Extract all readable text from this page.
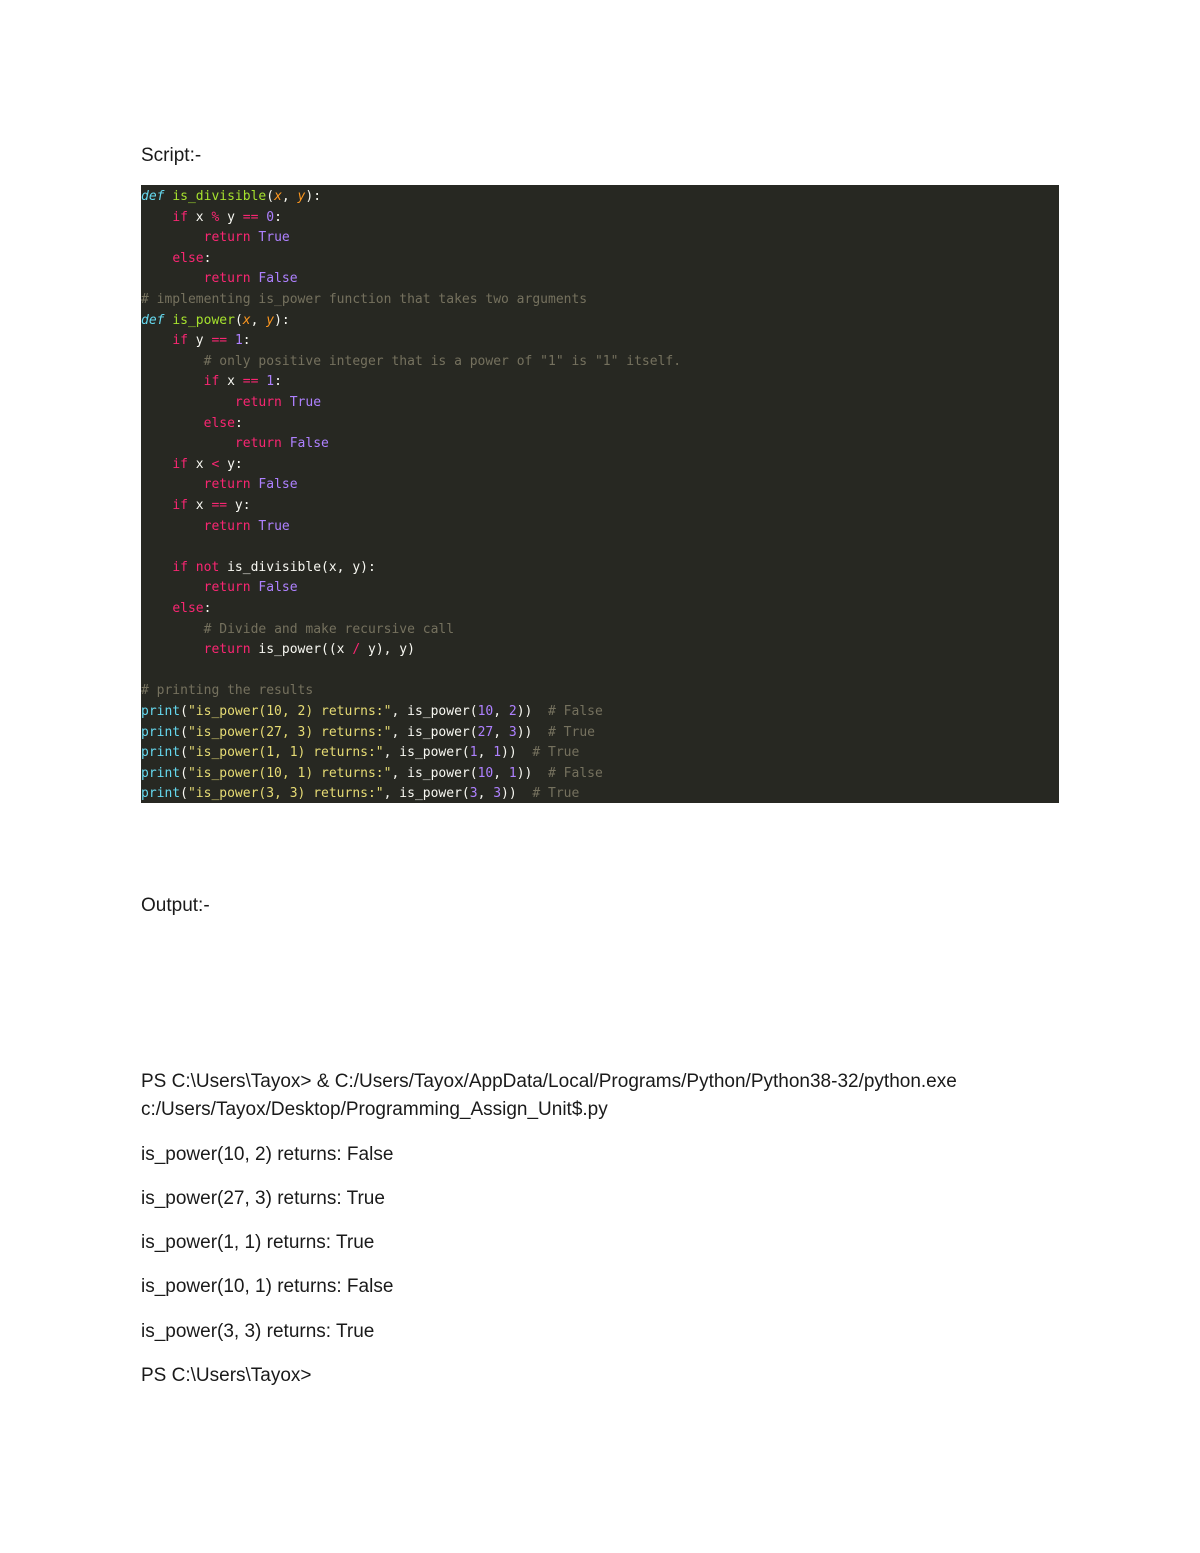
Script:-
def is_divisible(x, y):
if x % y == 0:
return True
else:
return False
# implementing is_power function that takes two arguments
def is_power(x, y):
if y == 1:
# only positive integer that is a power of "1" is "1" itself.
if x == 1:
return True
else:
return False
if x < y:
return False
if x == y:
return True
if not is_divisible(x, y):
return False
else:
# Divide and make recursive call
return is_power((x / y), y)
# printing the results
print("is_power(10, 2) returns:", is_power(10, 2))  # False
print("is_power(27, 3) returns:", is_power(27, 3))  # True
print("is_power(1, 1) returns:", is_power(1, 1))  # True
print("is_power(10, 1) returns:", is_power(10, 1))  # False
print("is_power(3, 3) returns:", is_power(3, 3))  # True
Output:-
PS C:\Users\Tayox> & C:/Users/Tayox/AppData/Local/Programs/Python/Python38-32/python.exe
c:/Users/Tayox/Desktop/Programming_Assign_Unit$.py
is_power(10, 2) returns: False
is_power(27, 3) returns: True
is_power(1, 1) returns: True
is_power(10, 1) returns: False
is_power(3, 3) returns: True
PS C:\Users\Tayox>
